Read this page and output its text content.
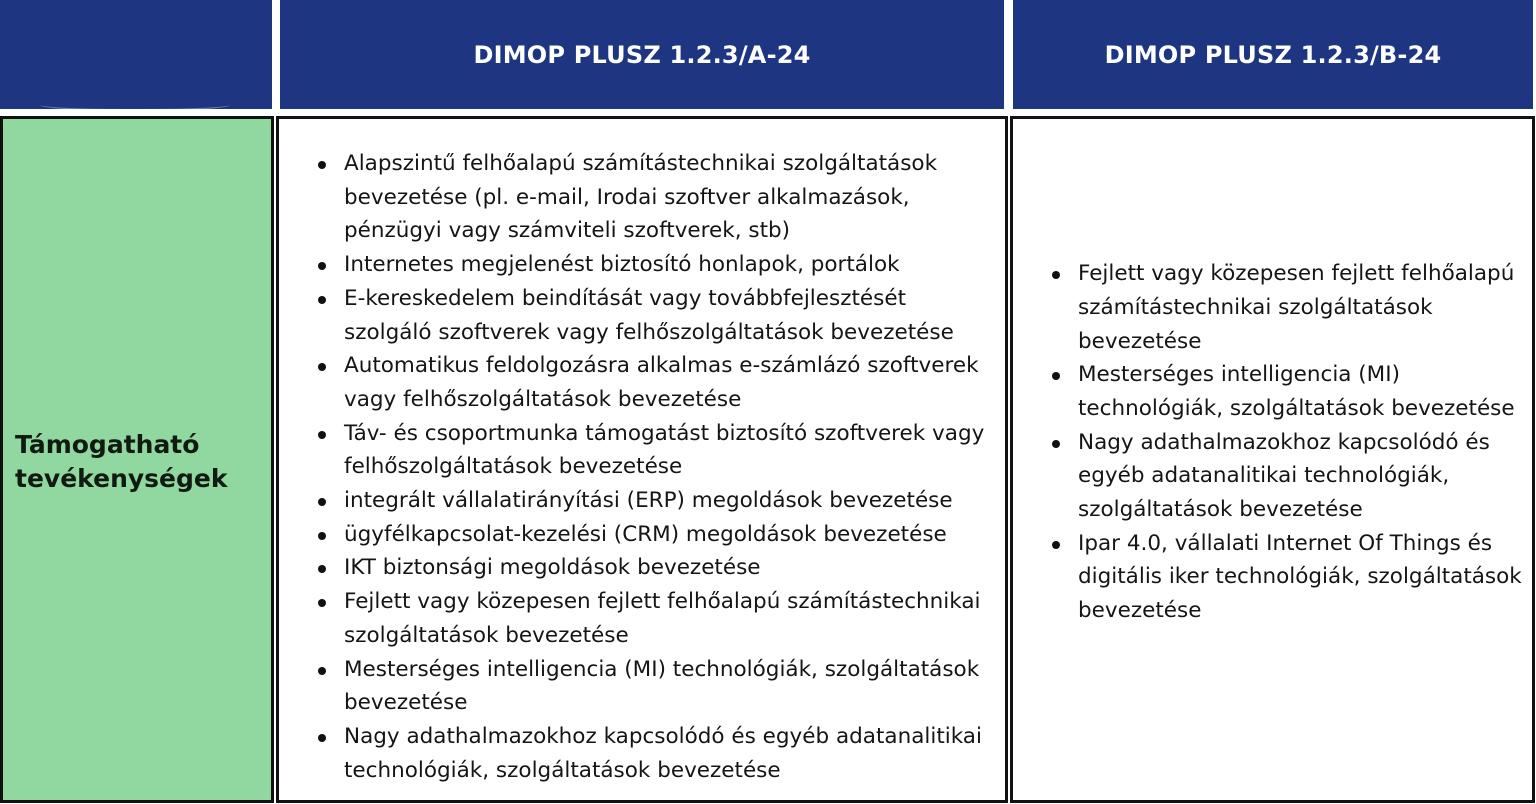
DIMOP PLUSZ 1.2.3/A-24	DIMOP PLUSZ 1.2.3/B-24
Támogatható
tevékenységek
Alapszintű felhőalapú számítástechnikai szolgáltatások bevezetése (pl. e-mail, Irodai szoftver alkalmazások, pénzügyi vagy számviteli szoftverek, stb)
Internetes megjelenést biztosító honlapok, portálok
E-kereskedelem beindítását vagy továbbfejlesztését szolgáló szoftverek vagy felhőszolgáltatások bevezetése
Automatikus feldolgozásra alkalmas e-számlázó szoftverek vagy felhőszolgáltatások bevezetése
Táv- és csoportmunka támogatást biztosító szoftverek vagy felhőszolgáltatások bevezetése
integrált vállalatirányítási (ERP) megoldások bevezetése
ügyfélkapcsolat-kezelési (CRM) megoldások bevezetése
IKT biztonsági megoldások bevezetése
Fejlett vagy közepesen fejlett felhőalapú számítástechnikai szolgáltatások bevezetése
Mesterséges intelligencia (MI) technológiák, szolgáltatások bevezetése
Nagy adathalmazokhoz kapcsolódó és egyéb adatanalitikai technológiák, szolgáltatások bevezetése
Fejlett vagy közepesen fejlett felhőalapú számítástechnikai szolgáltatások bevezetése
Mesterséges intelligencia (MI) technológiák, szolgáltatások bevezetése
Nagy adathalmazokhoz kapcsolódó és egyéb adatanalitikai technológiák, szolgáltatások bevezetése
Ipar 4.0, vállalati Internet Of Things és digitális iker technológiák, szolgáltatások bevezetése
